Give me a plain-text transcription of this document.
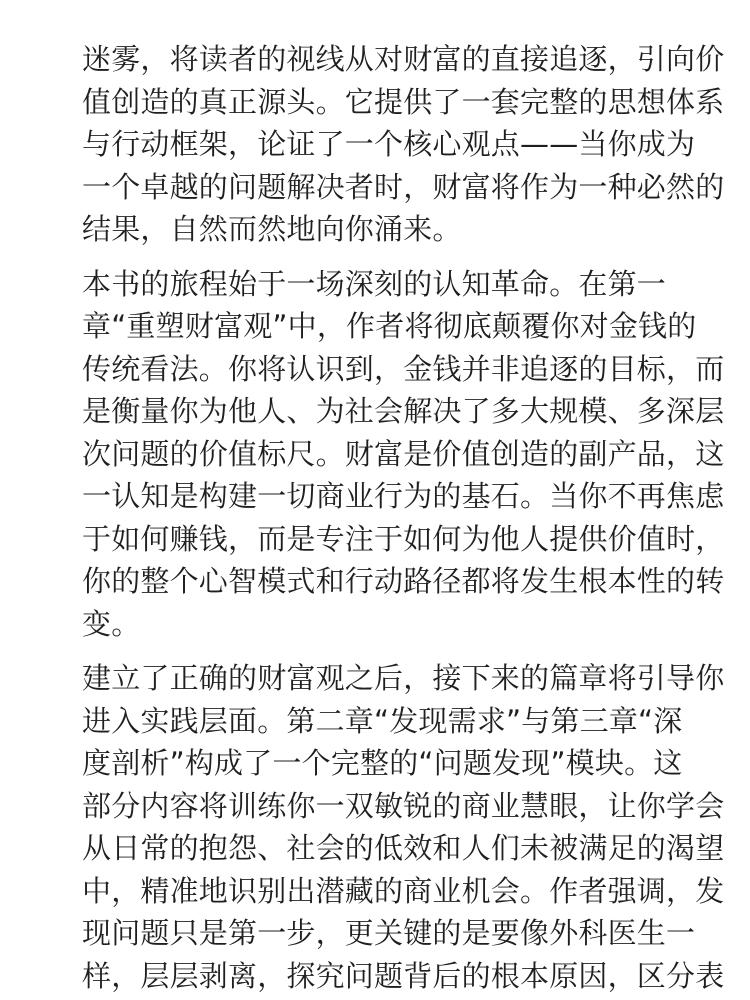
迷雾，将读者的视线从对财富的直接追逐，引向价
值创造的真正源头。它提供了一套完整的思想体系
与行动框架，论证了一个核心观点——当你成为
一个卓越的问题解决者时，财富将作为一种必然的
结果，自然而然地向你涌来。
本书的旅程始于一场深刻的认知革命。在第一
章“重塑财富观”中，作者将彻底颠覆你对金钱的
传统看法。你将认识到，金钱并非追逐的目标，而
是衡量你为他人、为社会解决了多大规模、多深层
次问题的价值标尺。财富是价值创造的副产品，这
一认知是构建一切商业行为的基石。当你不再焦虑
于如何赚钱，而是专注于如何为他人提供价值时，
你的整个心智模式和行动路径都将发生根本性的转
变。
建立了正确的财富观之后，接下来的篇章将引导你
进入实践层面。第二章“发现需求”与第三章“深
度剖析”构成了一个完整的“问题发现”模块。这
部分内容将训练你一双敏锐的商业慧眼，让你学会
从日常的抱怨、社会的低效和人们未被满足的渴望
中，精准地识别出潜藏的商业机会。作者强调，发
现问题只是第一步，更关键的是要像外科医生一
样，层层剥离，探究问题背后的根本原因，区分表
